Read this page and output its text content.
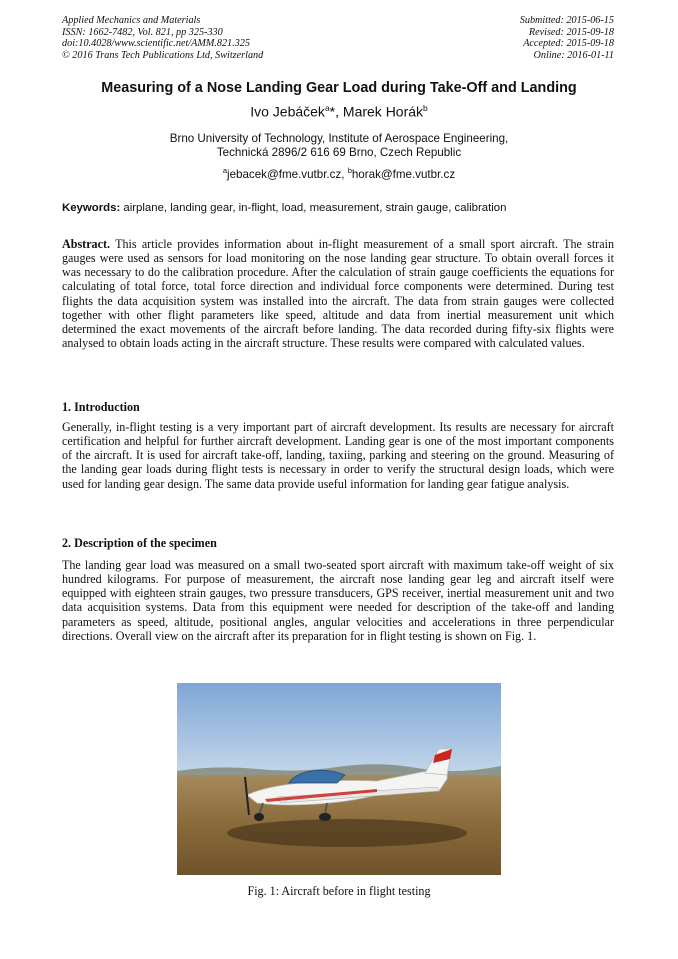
Applied Mechanics and Materials
ISSN: 1662-7482, Vol. 821, pp 325-330
doi:10.4028/www.scientific.net/AMM.821.325
© 2016 Trans Tech Publications Ltd, Switzerland
Submitted: 2015-06-15
Revised: 2015-09-18
Accepted: 2015-09-18
Online: 2016-01-11
Measuring of a Nose Landing Gear Load during Take-Off and Landing
Ivo Jebáček$^a$*, Marek Horák$^b$
Brno University of Technology, Institute of Aerospace Engineering,
Technická 2896/2 616 69 Brno, Czech Republic
$^a$jebacek@fme.vutbr.cz, $^b$horak@fme.vutbr.cz
Keywords: airplane, landing gear, in-flight, load, measurement, strain gauge, calibration
Abstract. This article provides information about in-flight measurement of a small sport aircraft. The strain gauges were used as sensors for load monitoring on the nose landing gear structure. To obtain overall forces it was necessary to do the calibration procedure. After the calculation of strain gauge coefficients the equations for calculating of total force, total force direction and individual force components were determined. During test flights the data acquisition system was installed into the aircraft. The data from strain gauges were collected together with other flight parameters like speed, altitude and data from inertial measurement unit which determined the exact movements of the aircraft before landing. The data recorded during fifty-six flights were analysed to obtain loads acting in the aircraft structure. These results were compared with calculated values.
1. Introduction
Generally, in-flight testing is a very important part of aircraft development. Its results are necessary for aircraft certification and helpful for further aircraft development. Landing gear is one of the most important components of the aircraft. It is used for aircraft take-off, landing, taxiing, parking and steering on the ground. Measuring of the landing gear loads during flight tests is necessary in order to verify the structural design loads, which were used for landing gear design. The same data provide useful information for landing gear fatigue analysis.
2. Description of the specimen
The landing gear load was measured on a small two-seated sport aircraft with maximum take-off weight of six hundred kilograms. For purpose of measurement, the aircraft nose landing gear leg and aircraft itself were equipped with eighteen strain gauges, two pressure transducers, GPS receiver, inertial measurement unit and two data acquisition systems. Data from this equipment were needed for description of the take-off and landing parameters as speed, altitude, positional angles, angular velocities and accelerations in three perpendicular directions. Overall view on the aircraft after its preparation for in flight testing is shown on Fig. 1.
Fig. 1: Aircraft before in flight testing
